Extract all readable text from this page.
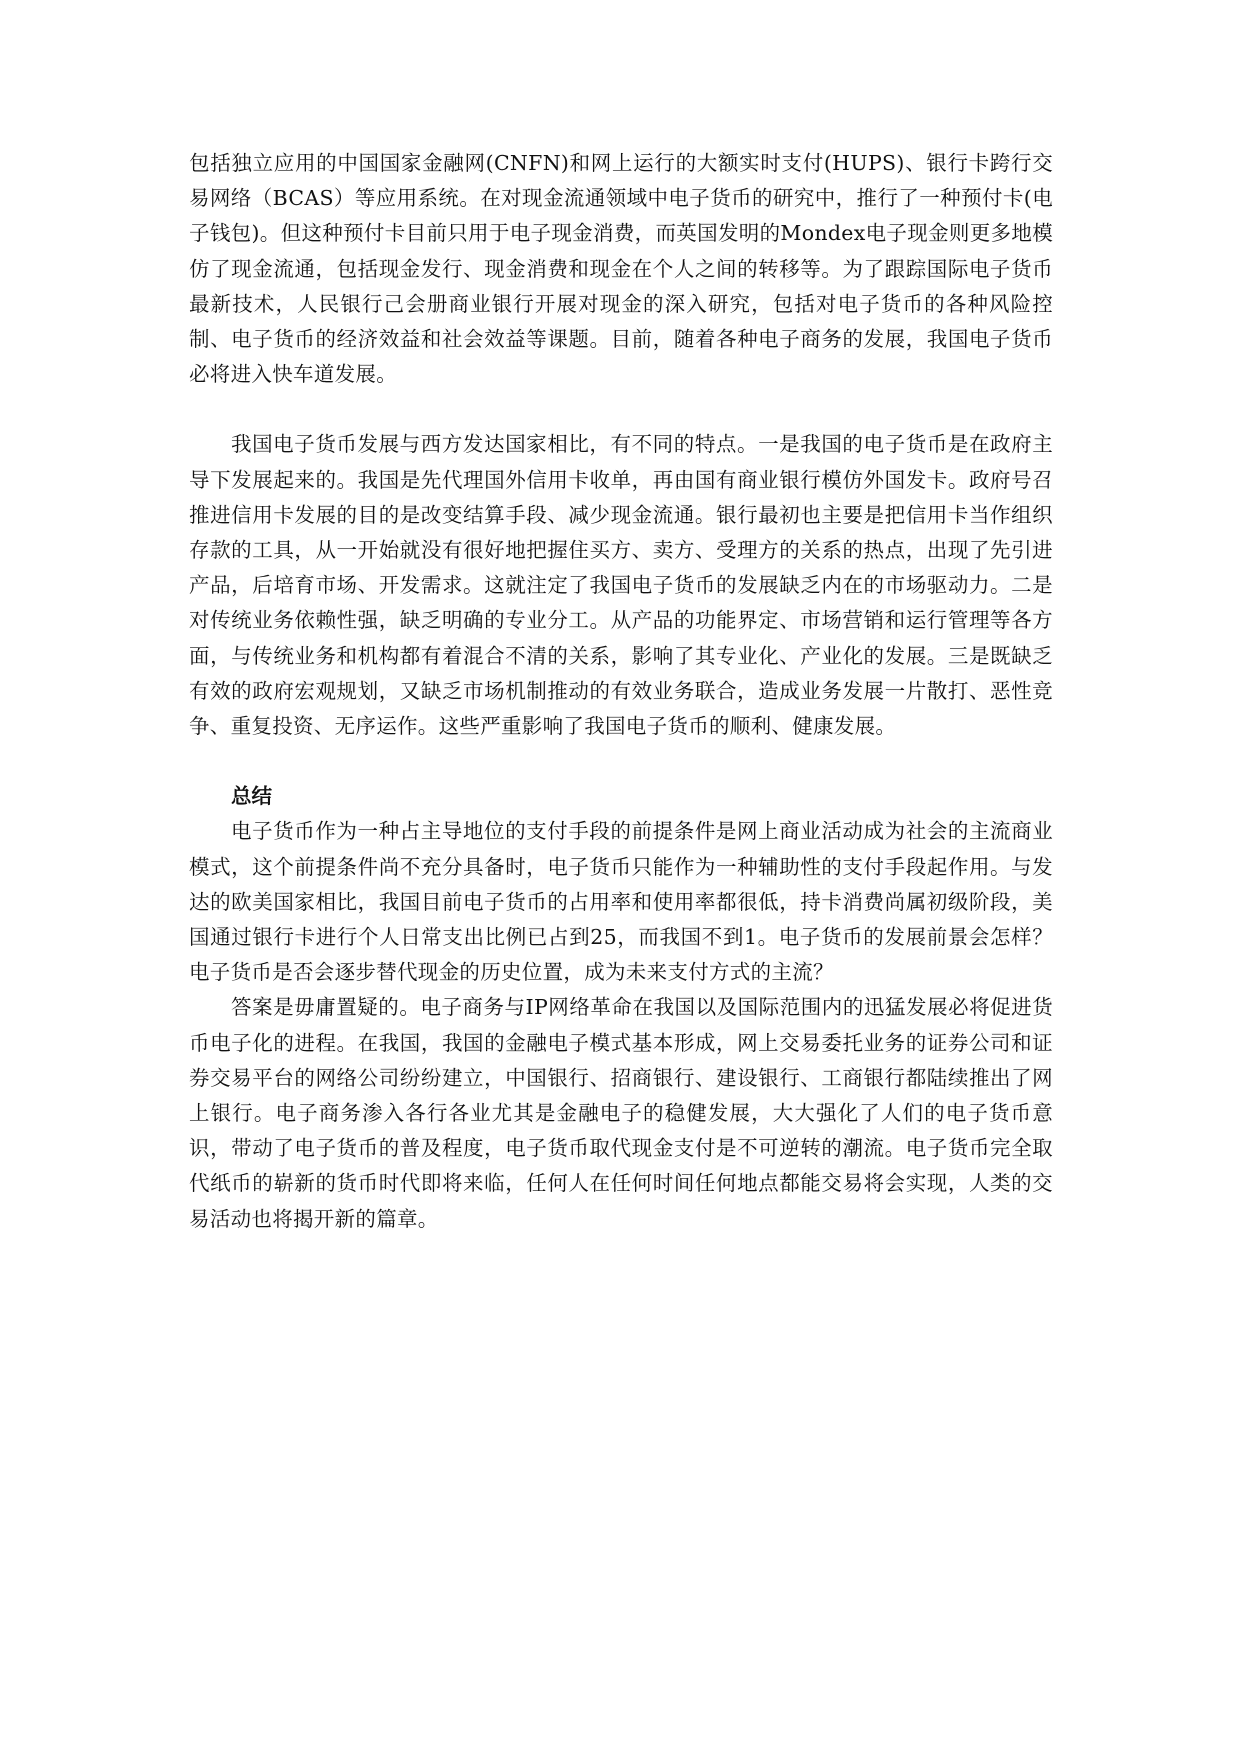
包括独立应用的中国国家金融网(CNFN)和网上运行的大额实时支付(HUPS)、银行卡跨行交易网络（BCAS）等应用系统。在对现金流通领域中电子货币的研究中，推行了一种预付卡(电子钱包)。但这种预付卡目前只用于电子现金消费，而英国发明的Mondex电子现金则更多地模仿了现金流通，包括现金发行、现金消费和现金在个人之间的转移等。为了跟踪国际电子货币最新技术，人民银行己会册商业银行开展对现金的深入研究，包括对电子货币的各种风险控制、电子货币的经济效益和社会效益等课题。目前，随着各种电子商务的发展，我国电子货币必将进入快车道发展。

我国电子货币发展与西方发达国家相比，有不同的特点。一是我国的电子货币是在政府主导下发展起来的。我国是先代理国外信用卡收单，再由国有商业银行模仿外国发卡。政府号召推进信用卡发展的目的是改变结算手段、减少现金流通。银行最初也主要是把信用卡当作组织存款的工具，从一开始就没有很好地把握住买方、卖方、受理方的关系的热点，出现了先引进产品，后培育市场、开发需求。这就注定了我国电子货币的发展缺乏内在的市场驱动力。二是对传统业务依赖性强，缺乏明确的专业分工。从产品的功能界定、市场营销和运行管理等各方面，与传统业务和机构都有着混合不清的关系，影响了其专业化、产业化的发展。三是既缺乏有效的政府宏观规划，又缺乏市场机制推动的有效业务联合，造成业务发展一片散打、恶性竞争、重复投资、无序运作。这些严重影响了我国电子货币的顺利、健康发展。

总结

电子货币作为一种占主导地位的支付手段的前提条件是网上商业活动成为社会的主流商业模式，这个前提条件尚不充分具备时，电子货币只能作为一种辅助性的支付手段起作用。与发达的欧美国家相比，我国目前电子货币的占用率和使用率都很低，持卡消费尚属初级阶段，美国通过银行卡进行个人日常支出比例已占到25，而我国不到1。电子货币的发展前景会怎样？电子货币是否会逐步替代现金的历史位置，成为未来支付方式的主流？

答案是毋庸置疑的。电子商务与IP网络革命在我国以及国际范围内的迅猛发展必将促进货币电子化的进程。在我国，我国的金融电子模式基本形成，网上交易委托业务的证券公司和证券交易平台的网络公司纷纷建立，中国银行、招商银行、建设银行、工商银行都陆续推出了网上银行。电子商务渗入各行各业尤其是金融电子的稳健发展，大大强化了人们的电子货币意识，带动了电子货币的普及程度，电子货币取代现金支付是不可逆转的潮流。电子货币完全取代纸币的崭新的货币时代即将来临，任何人在任何时间任何地点都能交易将会实现，人类的交易活动也将揭开新的篇章。
